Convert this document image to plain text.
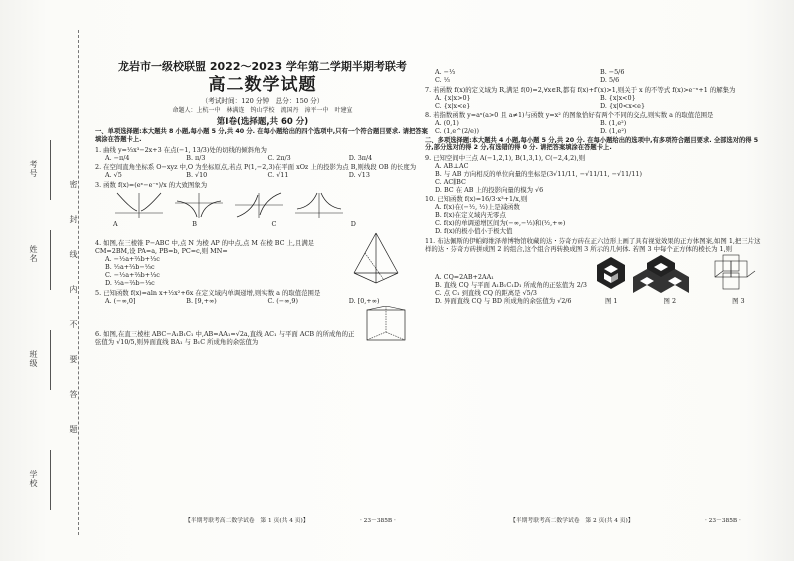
考号
姓名
班级
学校
密
封
线
内
不
要
答
题
龙岩市一级校联盟 2022～2023 学年第二学期半期考联考
高二数学试题
（考试时间：120 分钟　总分：150 分）
命题人：上杭一中　林满连　钨山学校　流国丹　漳平一中　叶建宣
第Ⅰ卷(选择题,共 60 分)
一、单项选择题:本大题共 8 小题,每小题 5 分,共 40 分. 在每小题给出的四个选项中,只有一个符合题目要求. 请把答案填涂在答题卡上.
1. 曲线 y=⅓x³−2x+3 在点(−1, 13/3)处的切线的倾斜角为
A. −π/4	B. π/3	C. 2π/3	D. 3π/4
2. 在空间直角坐标系 O−xyz 中,O 为坐标原点,若点 P(1,−2,3)在平面 xOz 上的投影为点 B,则线段 OB 的长度为
A. √5	B. √10	C. √11	D. √13
3. 函数 f(x)=(eˣ−e⁻ˣ)/x 的大致图象为
A	B	C	D
4. 如图,在三棱锥 P−ABC 中,点 N 为棱 AP 的中点,点 M 在棱 BC 上,且满足 CM=2BM,设 PA=a, PB=b, PC=c,则 MN=
A. −½a+⅔b+⅓c
B. ½a+⅔b−⅓c
C. −½a+⅔b+⅓c
D. ½a−⅔b−⅓c
5. 已知函数 f(x)=aln x+½x²+6x 在定义域内单调递增,则实数 a 的取值范围是
A. (−∞,0]	B. [9,+∞)	C. (−∞,9)	D. [0,+∞)
6. 如图,在直三棱柱 ABC−A₁B₁C₁ 中,AB=AA₁=√2a,直线 AC₁ 与平面 ACB 的所成角的正弦值为 √10/5,则异面直线 BA₁ 与 B₁C 所成角的余弦值为
A. −⅓	B. −5/6
C. ⅓	D. 5/6
7. 若函数 f(x)的定义域为 R,满足 f(0)=2,∀x∈R,都有 f(x)+f′(x)>1,则关于 x 的不等式 f(x)>e⁻ˣ+1 的解集为
A. {x|x>0}	B. {x|x<0}
C. {x|x<e}	D. {x|0<x<e}
8. 若指数函数 y=aˣ(a>0 且 a≠1)与函数 y=x² 的图象恰好有两个不同的交点,则实数 a 的取值范围是
A. (0,1)	B. (1,e²)
C. (1,e^(2/e))	D. (1,e²)
二、多项选择题:本大题共 4 小题,每小题 5 分,共 20 分. 在每小题给出的选项中,有多项符合题目要求. 全部选对的得 5 分,部分选对的得 2 分,有选错的得 0 分. 请把答案填涂在答题卡上.
9. 已知空间中三点 A(−1,2,1), B(1,3,1), C(−2,4,2),则
A. AB⊥AC
B. 与 AB 方向相反的单位向量的坐标是(3√11/11, −√11/11, −√11/11)
C. AC∥BC
D. BC 在 AB 上的投影向量的模为 √6
10. 已知函数 f(x)=16/3·x³+1/x,则
A. f(x)在(−½, ½)上是减函数
B. f(x)在定义域内无零点
C. f(x)的单调递增区间为(−∞,−½)和(½,+∞)
D. f(x)的极小值小于极大值
11. 布达佩斯的伊帕姆维泽蒂博物馆收藏的达・芬奇方砖在正六边形上画了具有视觉效果的正方体图案,如图 1,把三片这样的达・芬奇方砖拼成图 2 的组合,这个组合再转换成图 3 所示的几何体. 若图 3 中每个正方体的棱长为 1,则
A. CQ=2AB+2AA₁
B. 直线 CQ 与平面 A₁B₁C₁D₁ 所成角的正弦值为 2/3
C. 点 C₁ 到直线 CQ 的距离是 √5/3
D. 异面直线 CQ 与 BD 所成角的余弦值为 √2/6	图 1	图 2	图 3
【半期考联考高二数学试卷　第 1 页(共 4 页)】	· 23－385B ·	【半期考联考高二数学试卷　第 2 页(共 4 页)】	· 23－385B ·
